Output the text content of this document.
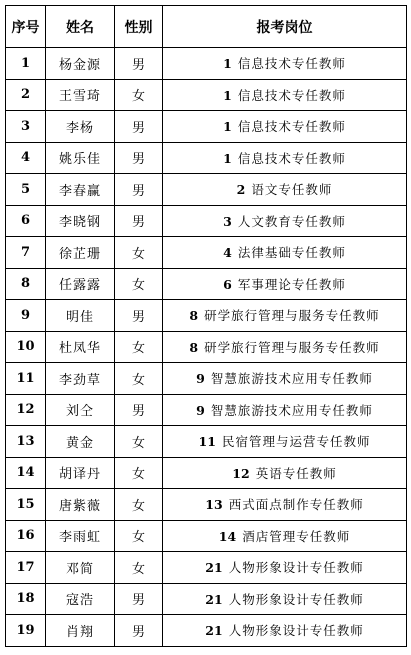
序号	姓名	性别	报考岗位
1	杨金源	男	1 信息技术专任教师
2	王雪琦	女	1 信息技术专任教师
3	李杨	男	1 信息技术专任教师
4	姚乐佳	男	1 信息技术专任教师
5	李春赢	男	2 语文专任教师
6	李晓钢	男	3 人文教育专任教师
7	徐芷珊	女	4 法律基础专任教师
8	任露露	女	6 军事理论专任教师
9	明佳	男	8 研学旅行管理与服务专任教师
10	杜凤华	女	8 研学旅行管理与服务专任教师
11	李劲草	女	9 智慧旅游技术应用专任教师
12	刘仝	男	9 智慧旅游技术应用专任教师
13	黄金	女	11 民宿管理与运营专任教师
14	胡译丹	女	12 英语专任教师
15	唐紫薇	女	13 西式面点制作专任教师
16	李雨虹	女	14 酒店管理专任教师
17	邓简	女	21 人物形象设计专任教师
18	寇浩	男	21 人物形象设计专任教师
19	肖翔	男	21 人物形象设计专任教师
